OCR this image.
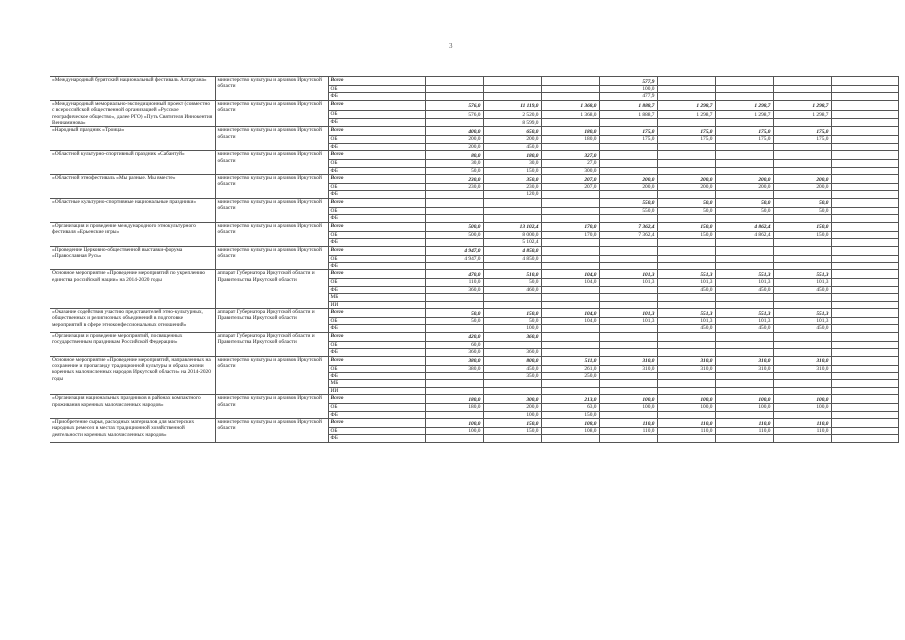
3
«Международный бурятский национальный фестиваль Алтаргана»	министерство культуры и архивов Иркутской области	Всего				577,9				
		ОБ				100,0				
		ФБ				477,9				
«Международный мемориально-экспедиционный проект (совместно с всероссийской общественной организацией «Русское географическое общество», далее РГО) «Путь Святителя Иннокентия Вениаминова»	министерство культуры и архивов Иркутской области	Всего	576,0	11 119,0	1 368,0	1 888,7	1 298,7	1 298,7	1 298,7	
		ОБ	576,0	2 520,0	1 368,0	1 888,7	1 298,7	1 298,7	1 298,7	
		ФБ		8 599,0						
«Народный праздник «Троица»	министерство культуры и архивов Иркутской области	Всего	400,0	650,0	180,0	175,0	175,0	175,0	175,0	
		ОБ	200,0	200,0	180,0	175,0	175,0	175,0	175,0	
		ФБ	200,0	450,0						
«Областной культурно-спортивный праздник «Сабантуй»	министерство культуры и архивов Иркутской области	Всего	80,0	180,0	327,0					
		ОБ	30,0	30,0	27,0					
		ФБ	50,0	150,0	300,0					
«Областной этнофестиваль «Мы разные. Мы вместе»	министерство культуры и архивов Иркутской области	Всего	230,0	350,0	207,0	200,0	200,0	200,0	200,0	
		ОБ	230,0	230,0	207,0	200,0	200,0	200,0	200,0	
		ФБ		120,0						
«Областные культурно-спортивные национальные праздники»	министерство культуры и архивов Иркутской области	Всего				550,0	50,0	50,0	50,0	
		ОБ				550,0	50,0	50,0	50,0	
		ФБ								
«Организация и проведение международного этнокультурного фестиваля «Ерьенские игры»	министерство культуры и архивов Иркутской области	Всего	500,0	13 102,4	170,0	7 362,4	150,0	4 862,4	150,0	
		ОБ	500,0	8 000,0	170,0	7 362,4	150,0	4 862,4	150,0	
		ФБ		5 102,4						
«Проведение Церковно-общественной выставки-форума «Православная Русь»	министерство культуры и архивов Иркутской области	Всего	4 947,0	4 850,0						
		ОБ	4 947,0	4 850,0						
		ФБ								
Основное мероприятие «Проведение мероприятий по укреплению единства российской нации» на 2014-2020 годы	аппарат Губернатора Иркутской области и Правительства Иркутской области	Всего	470,0	510,0	104,0	101,3	551,3	551,3	551,3	
		ОБ	110,0	50,0	104,0	101,3	101,3	101,3	101,3	
		ФБ	360,0	460,0			450,0	450,0	450,0	
		МБ								
		ИИ								
«Оказание содействия участию представителей этно-культурных, общественных и религиозных объединений в подготовке мероприятий в сфере этноконфессиональных отношений»	аппарат Губернатора Иркутской области и Правительства Иркутской области	Всего	50,0	150,0	104,0	101,3	551,3	551,3	551,3	
		ОБ	50,0	50,0	104,0	101,3	101,3	101,3	101,3	
		ФБ		100,0			450,0	450,0	450,0	
«Организация и проведение мероприятий, посвященных государственным праздникам Российской Федерации»	аппарат Губернатора Иркутской области и Правительства Иркутской области	Всего	420,0	360,0						
		ОБ	60,0							
		ФБ	360,0	360,0						
Основное мероприятие «Проведение мероприятий, направленных на сохранение и пропаганду традиционной культуры и образа жизни коренных малочисленных народов Иркутской области» на 2014-2020 годы	министерство культуры и архивов Иркутской области	Всего	380,0	800,0	511,0	310,0	310,0	310,0	310,0	
		ОБ	380,0	450,0	261,0	310,0	310,0	310,0	310,0	
		ФБ		350,0	250,0					
		МБ								
		ИИ								
«Организация национальных праздников в районах компактного проживания коренных малочисленных народов»	министерство культуры и архивов Иркутской области	Всего	180,0	300,0	213,0	100,0	100,0	100,0	100,0	
		ОБ	180,0	200,0	63,0	100,0	100,0	100,0	100,0	
		ФБ		100,0	150,0					
«Приобретение сырья, расходных материалов для мастерских народных ремесел в местах традиционной хозяйственной деятельности коренных малочисленных народов»	министерство культуры и архивов Иркутской области	Всего	100,0	150,0	108,0	110,0	110,0	110,0	110,0	
		ОБ	100,0	150,0	108,0	110,0	110,0	110,0	110,0	
		ФБ								
